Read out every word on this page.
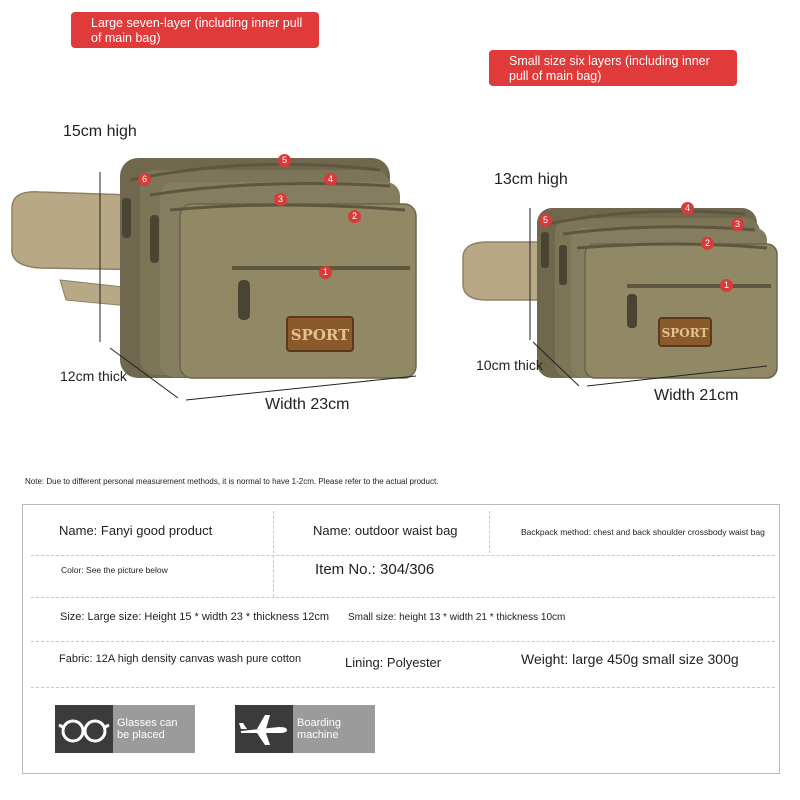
Large seven-layer (including inner pull of main bag)
Small size six layers (including inner pull of main bag)
SPORT
1
2
3
4
5
6
15cm high
12cm thick
Width 23cm
SPORT
1
2
3
4
5
13cm high
10cm thick
Width 21cm
Note: Due to different personal measurement methods, it is normal to have 1-2cm. Please refer to the actual product.
Name: Fanyi good product	Name: outdoor waist bag	Backpack method: chest and back shoulder crossbody waist bag
Color: See the picture below	Item No.: 304/306
Size: Large size: Height 15 * width 23 * thickness 12cm Small size: height 13 * width 21 * thickness 10cm
Fabric: 12A high density canvas wash pure cotton	Lining: Polyester	Weight: large 450g small size 300g
Glasses can be placed
Boarding machine
